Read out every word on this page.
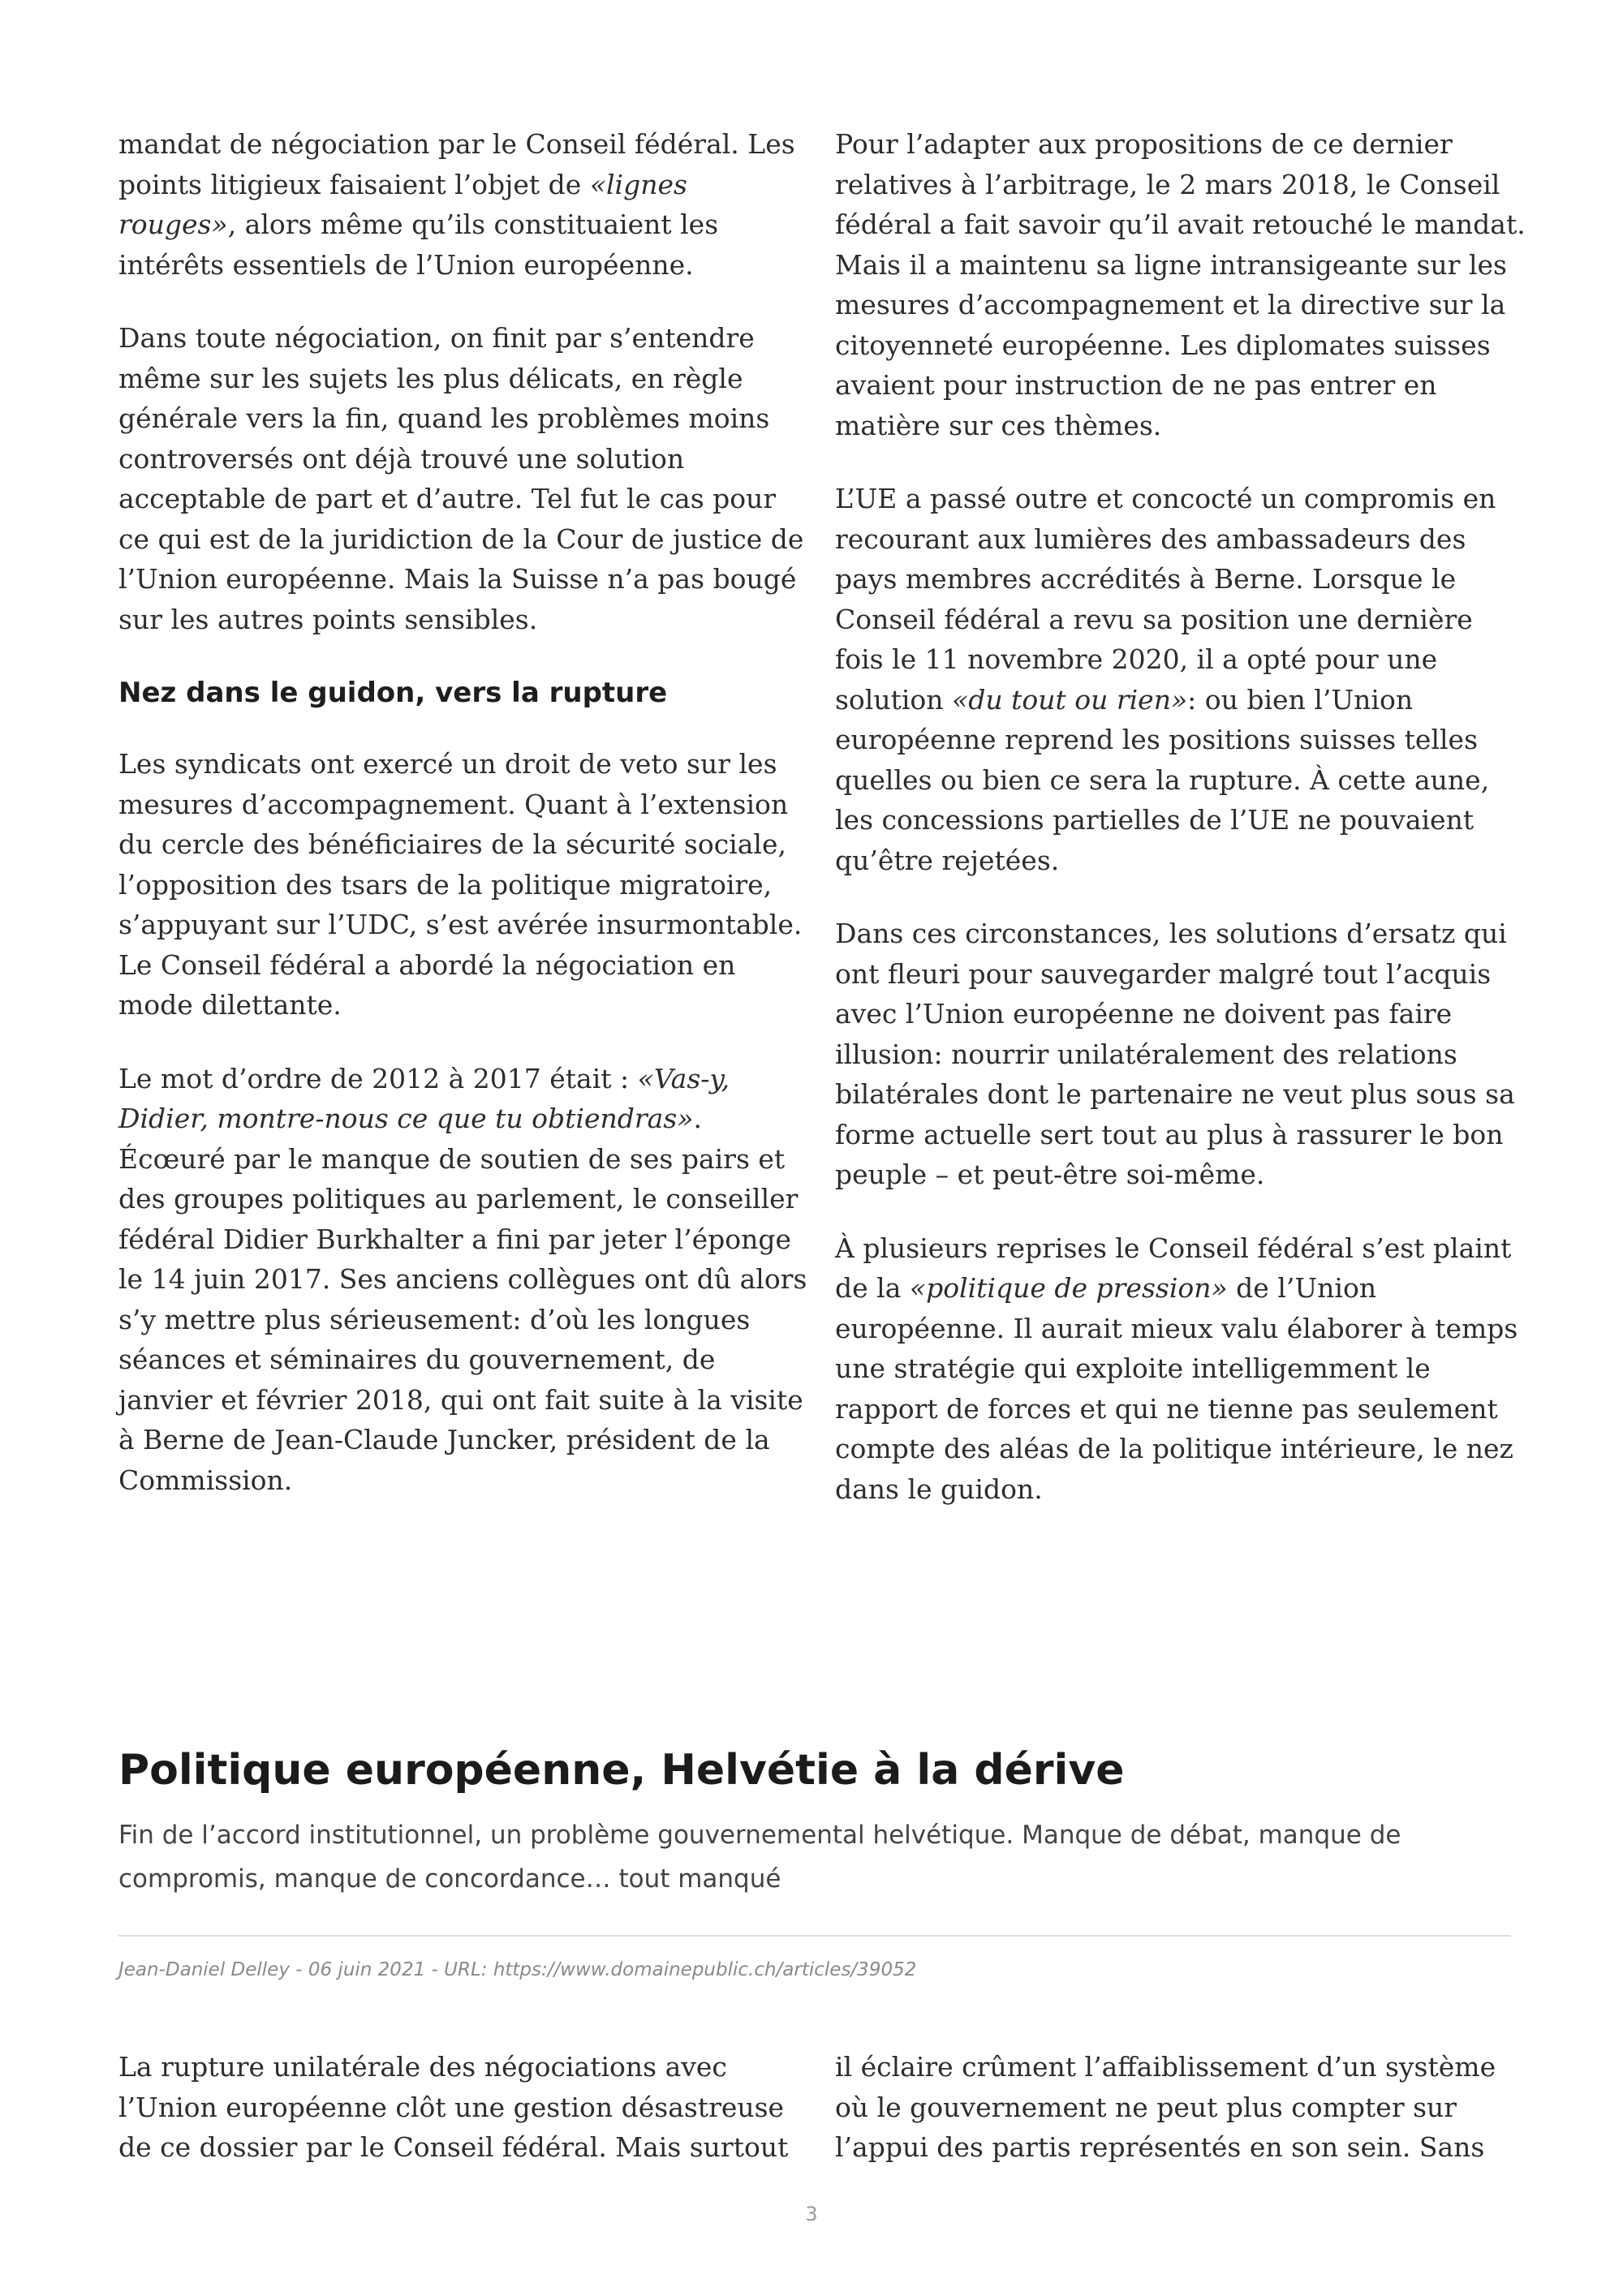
mandat de négociation par le Conseil fédéral. Les points litigieux faisaient l’objet de «lignes rouges», alors même qu’ils constituaient les intérêts essentiels de l’Union européenne.

Dans toute négociation, on finit par s’entendre même sur les sujets les plus délicats, en règle générale vers la fin, quand les problèmes moins controversés ont déjà trouvé une solution acceptable de part et d’autre. Tel fut le cas pour ce qui est de la juridiction de la Cour de justice de l’Union européenne. Mais la Suisse n’a pas bougé sur les autres points sensibles.

Nez dans le guidon, vers la rupture

Les syndicats ont exercé un droit de veto sur les mesures d’accompagnement. Quant à l’extension du cercle des bénéficiaires de la sécurité sociale, l’opposition des tsars de la politique migratoire, s’appuyant sur l’UDC, s’est avérée insurmontable. Le Conseil fédéral a abordé la négociation en mode dilettante.

Le mot d’ordre de 2012 à 2017 était : «Vas-y, Didier, montre-nous ce que tu obtiendras». Écœuré par le manque de soutien de ses pairs et des groupes politiques au parlement, le conseiller fédéral Didier Burkhalter a fini par jeter l’éponge le 14 juin 2017. Ses anciens collègues ont dû alors s’y mettre plus sérieusement: d’où les longues séances et séminaires du gouvernement, de janvier et février 2018, qui ont fait suite à la visite à Berne de Jean-Claude Juncker, président de la Commission.

Pour l’adapter aux propositions de ce dernier relatives à l’arbitrage, le 2 mars 2018, le Conseil fédéral a fait savoir qu’il avait retouché le mandat. Mais il a maintenu sa ligne intransigeante sur les mesures d’accompagnement et la directive sur la citoyenneté européenne. Les diplomates suisses avaient pour instruction de ne pas entrer en matière sur ces thèmes.

L’UE a passé outre et concocté un compromis en recourant aux lumières des ambassadeurs des pays membres accrédités à Berne. Lorsque le Conseil fédéral a revu sa position une dernière fois le 11 novembre 2020, il a opté pour une solution «du tout ou rien»: ou bien l’Union européenne reprend les positions suisses telles quelles ou bien ce sera la rupture. À cette aune, les concessions partielles de l’UE ne pouvaient qu’être rejetées.

Dans ces circonstances, les solutions d’ersatz qui ont fleuri pour sauvegarder malgré tout l’acquis avec l’Union européenne ne doivent pas faire illusion: nourrir unilatéralement des relations bilatérales dont le partenaire ne veut plus sous sa forme actuelle sert tout au plus à rassurer le bon peuple – et peut-être soi-même.

À plusieurs reprises le Conseil fédéral s’est plaint de la «politique de pression» de l’Union européenne. Il aurait mieux valu élaborer à temps une stratégie qui exploite intelligemment le rapport de forces et qui ne tienne pas seulement compte des aléas de la politique intérieure, le nez dans le guidon.

Politique européenne, Helvétie à la dérive

Fin de l’accord institutionnel, un problème gouvernemental helvétique. Manque de débat, manque de compromis, manque de concordance… tout manqué

Jean-Daniel Delley - 06 juin 2021 - URL: https://www.domainepublic.ch/articles/39052

La rupture unilatérale des négociations avec l’Union européenne clôt une gestion désastreuse de ce dossier par le Conseil fédéral. Mais surtout

il éclaire crûment l’affaiblissement d’un système où le gouvernement ne peut plus compter sur l’appui des partis représentés en son sein. Sans

3
